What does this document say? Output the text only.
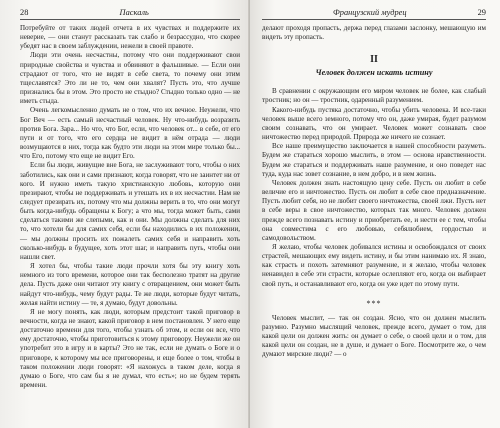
28	Паскаль

Потребуйте от таких людей отчета в их чувствах и поддержите их неверие, — они станут рассказать так слабо и безрассудно, что скорее убедят нас в своем заблуждении, нежели в своей правоте.

Люди эти очень несчастны, потому что они поддерживают свои природные свойства и чувства и обвиняют в фальшивые. — Если они страдают от того, что не видят в себе света, то почему они этим тщеславятся? Это ли не то, чем они хвалят? Пусть это, что лучше признались бы в этом. Это просто не стыдно? Стыдно только одно — не иметь стыда.

Очень легкомысленно думать не о том, что их вечное. Неужели, что Бог Веч — есть самый несчастный человек. Ну что-нибудь возразить против Бога. Зара... Но что, что Бог, если, что человек от... в себе, от его пути и от того, что его сердца не видит в нём отрада — люди возмущаются в них, тогда как будто эти люди на этом мире только бы... что Его, потому что еще не видит Его.

Если бы люди, живущие вне Бога, не заслуживают того, чтобы о них заботились, как они и сами признают, когда говорят, что не заинтет ни от кого. И нужно иметь такую христианскую любовь, которую они презирают, чтобы не поддерживать и утешать их в их несчастии. Нам не следует презирать их, потому что мы должны верить в то, что они могут быть когда-нибудь обращены к Богу; а что мы, тогда может быть, сами сделаться такими же слепыми, как и они. Мы должны сделать для них то, что хотели бы для самих себя, если бы находились в их положении, — мы должны просить их пожалеть самих себя и направить хоть сколько-нибудь в будущее, хоть этот шаг, и направить путь, чтобы они нашли свет.

Я хотел бы, чтобы такие люди прочли хотя бы эту книгу хоть немного из того времени, которое они так бесполезно тратят на другие дела. Пусть даже они читают эту книгу с отвращением, они может быть найдут что-нибудь, чему будут рады. Те же люди, которые будут читать, желая найти истину — те, я думаю, будут довольны.

Я не могу понять, как люди, которым предстоит такой приговор в вечности, когда не знают, какой приговор в нем постановлен. У него еще достаточно времени для того, чтобы узнать об этом, и если он все, что ему достаточно, чтобы приготовиться к этому приговору. Неужели же он употребит это в игру и в карты? Это не так, если не думать о Боге и о приговоре, к которому мы все приговорены, и еще более о том, чтобы в таком положении люди говорят: «Я нахожусь в таком деле, когда я думаю о Боге, что сам бы я не думал, что есть»; но не будем терять времени.

Французский мудрец	29

делают проходя пропасть, держа перед глазами заслонку, мешающую им видеть эту пропасть.

II
Человек должен искать истину

В сравнении с окружающим его миром человек не более, как слабый тростник; но он — тростник, одаренный разумением.

Какого-нибудь пустяка достаточно, чтобы убить человека. И все-таки человек выше всего земного, потому что он, даже умирая, будет разумом своим сознавать, что он умирает. Человек может сознавать свое ничтожество перед природой. Природа же ничего не сознает.

Все наше преимущество заключается в нашей способности разуметь. Будем же стараться хорошо мыслить, в этом — основа нравственности. Будем же стараться и поддерживать наше разумение, и оно поведет нас туда, куда нас зовет сознание, в нем добро, и в нем жизнь.

Человек должен знать настоящую цену себе. Пусть он любит в себе величие его и ничтожество. Пусть он любит в себе свое предназначение. Пусть любит себя, но не любит своего ничтожества, своей лжи. Пусть нет в себе веры в свое ничтожество, которых так много. Человек должен прежде всего познавать истину и приобретать ее, и нести ее с тем, чтобы она совместима с его любовью, себялюбием, гордостью и самодовольством.

Я желаю, чтобы человек добивался истины и освобождался от своих страстей, мешающих ему видеть истину, и бы этим нанимаю их. Я знаю, как страсть и похоть затемняют разумение, и я желаю, чтобы человек ненавидел в себе эти страсти, которые ослепляют его, когда он выбирает свой путь, и останавливают его, когда он уже идет по этому пути.

***

Человек мыслит, — так он создан. Ясно, что он должен мыслить разумно. Разумно мыслящий человек, прежде всего, думает о том, для какой цели он должен жить: он думает о себе, о своей цели и о том, для какой цели он создан, не в душе, и думает о Боге. Посмотрите же, о чем думают мирские люди? — о
